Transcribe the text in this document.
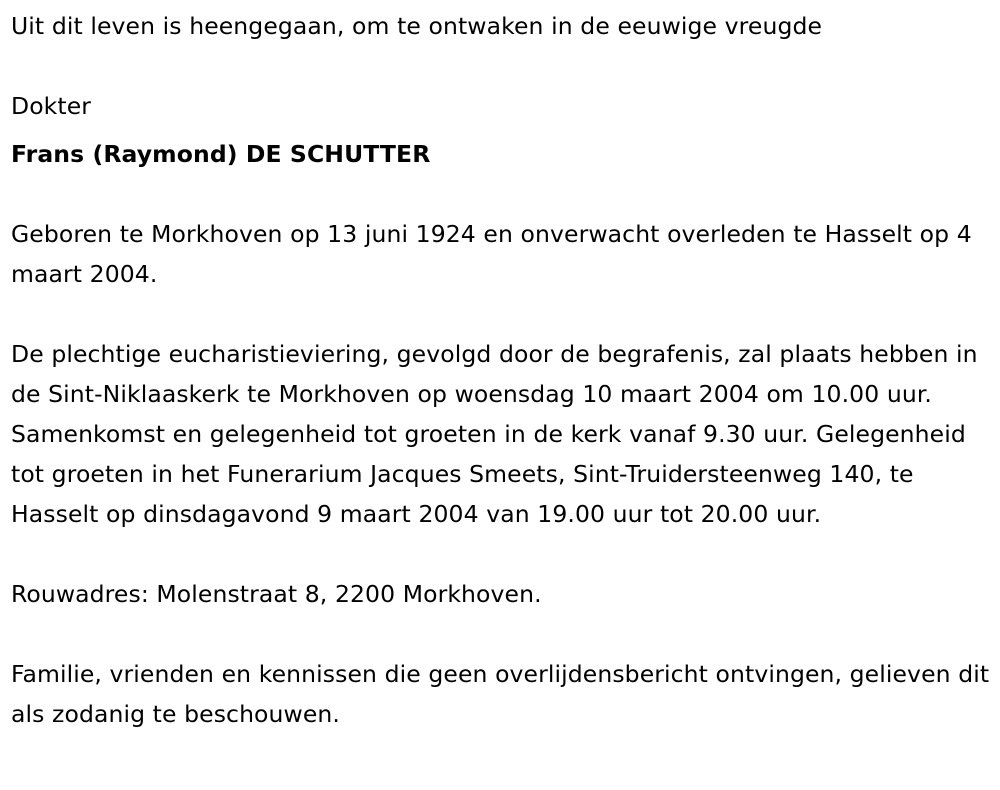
Uit dit leven is heengegaan, om te ontwaken in de eeuwige vreugde

Dokter

Frans (Raymond) DE SCHUTTER

Geboren te Morkhoven op 13 juni 1924 en onverwacht overleden te Hasselt op 4 maart 2004.

De plechtige eucharistieviering, gevolgd door de begrafenis, zal plaats hebben in de Sint-Niklaaskerk te Morkhoven op woensdag 10 maart 2004 om 10.00 uur. Samenkomst en gelegenheid tot groeten in de kerk vanaf 9.30 uur. Gelegenheid tot groeten in het Funerarium Jacques Smeets, Sint-Truidersteenweg 140, te Hasselt op dinsdagavond 9 maart 2004 van 19.00 uur tot 20.00 uur.

Rouwadres: Molenstraat 8, 2200 Morkhoven.

Familie, vrienden en kennissen die geen overlijdensbericht ontvingen, gelieven dit als zodanig te beschouwen.
